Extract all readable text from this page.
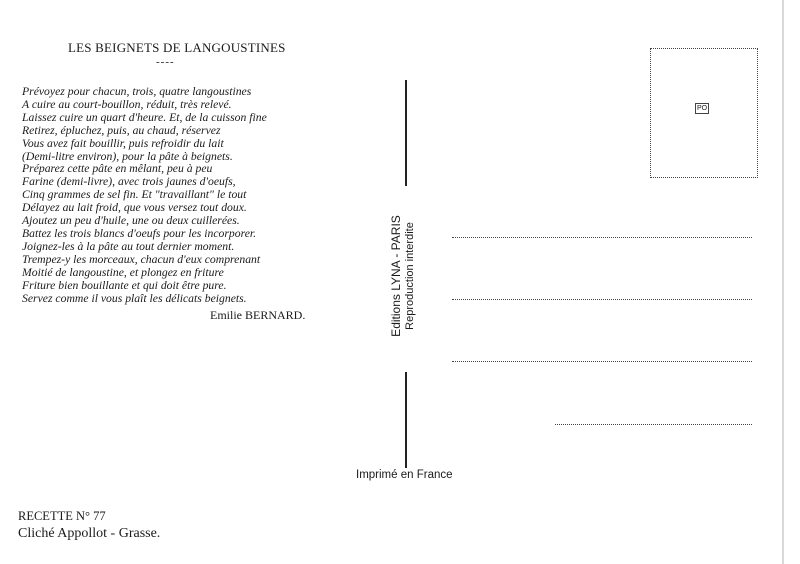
LES BEIGNETS DE LANGOUSTINES
----
Prévoyez pour chacun, trois, quatre langoustines
A cuire au court-bouillon, réduit, très relevé.
Laissez cuire un quart d'heure. Et, de la cuisson fine
Retirez, épluchez, puis, au chaud, réservez
Vous avez fait bouillir, puis refroidir du lait
(Demi-litre environ), pour la pâte à beignets.
Préparez cette pâte en mêlant, peu à peu
Farine (demi-livre), avec trois jaunes d'oeufs,
Cinq grammes de sel fin. Et "travaillant" le tout
Délayez au lait froid, que vous versez tout doux.
Ajoutez un peu d'huile, une ou deux cuillerées.
Battez les trois blancs d'oeufs pour les incorporer.
Joignez-les à la pâte au tout dernier moment.
Trempez-y les morceaux, chacun d'eux comprenant
Moitié de langoustine, et plongez en friture
Friture bien bouillante et qui doit être pure.
Servez comme il vous plaît les délicats beignets.
Emilie BERNARD.	Editions LYNA - PARIS Reproduction interdite
Imprimé en France
PO
RECETTE N° 77
Cliché Appollot - Grasse.
